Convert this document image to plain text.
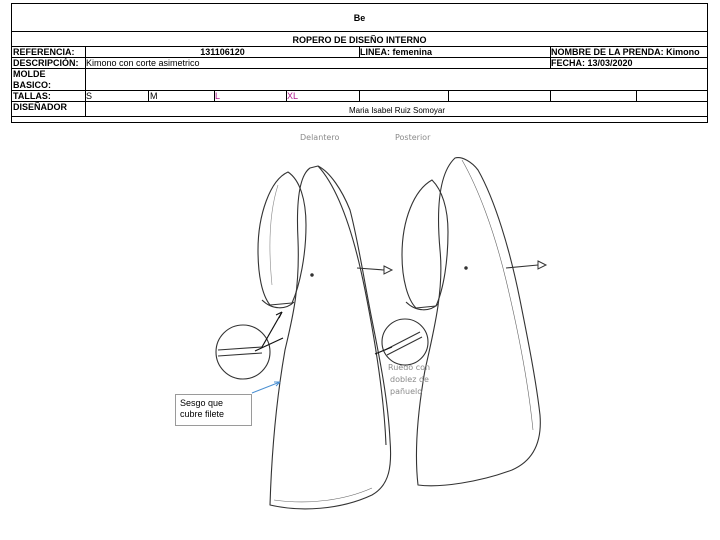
Be
ROPERO DE DISEÑO INTERNO
REFERENCIA:	131106120	LINEA: femenina	NOMBRE DE LA PRENDA: Kimono
DESCRIPCIÓN: Kimono con corte asimetrico	FECHA: 13/03/2020
MOLDE
BASICO:
TALLAS:	S	M	L	XL
DISEÑADOR	Maria Isabel Ruiz Somoyar
Delantero	Posterior
Ruedo con
doblez de
pañuelo
Sesgo que
cubre filete
